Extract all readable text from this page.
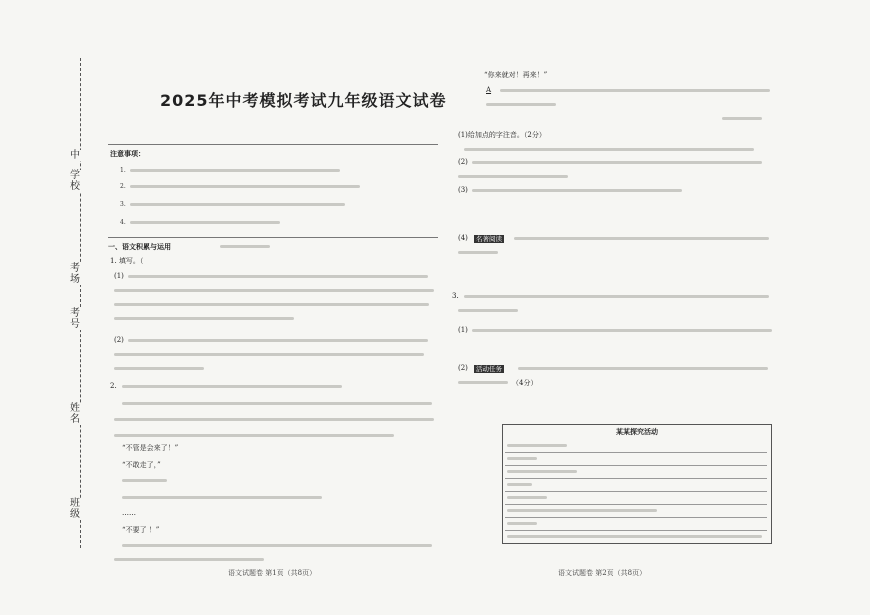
中
学校
考场
考号
姓名
班级
2025年中考模拟考试九年级语文试卷
注意事项：
1.
2.
3.
4.
一、语文积累与运用
1. 填写。（
(1)
(2)
2.
“不管是会来了！”
“不敢走了，”
……
“不要了 ！”
语文试题卷 第1页（共8页）
“你来就对！再来！”
A
(1)给加点的字注音。（2分）
(2)
(3)
(4)	名著阅读
3.
(1)
(2)	活动任务
（4分）
某某探究活动
语文试题卷 第2页（共8页）
